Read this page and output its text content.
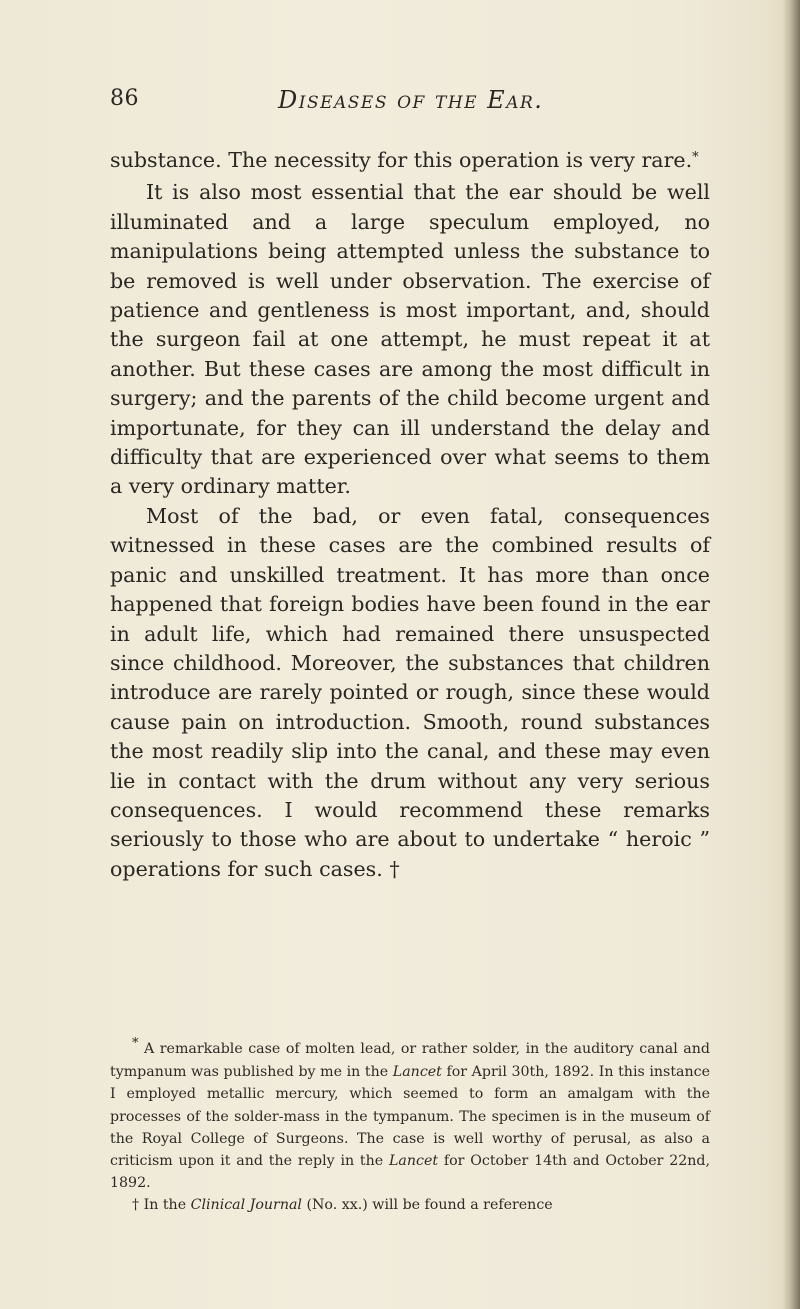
86	Diseases of the Ear.

substance. The necessity for this operation is very rare.*

It is also most essential that the ear should be well illuminated and a large speculum employed, no manipulations being attempted unless the substance to be removed is well under observation. The exercise of patience and gentleness is most important, and, should the surgeon fail at one attempt, he must repeat it at another. But these cases are among the most difficult in surgery; and the parents of the child become urgent and importunate, for they can ill understand the delay and difficulty that are experienced over what seems to them a very ordinary matter.

Most of the bad, or even fatal, consequences witnessed in these cases are the combined results of panic and unskilled treatment. It has more than once happened that foreign bodies have been found in the ear in adult life, which had remained there unsuspected since childhood. Moreover, the substances that children introduce are rarely pointed or rough, since these would cause pain on introduction. Smooth, round substances the most readily slip into the canal, and these may even lie in contact with the drum without any very serious consequences. I would recommend these remarks seriously to those who are about to undertake “ heroic ” operations for such cases. †

* A remarkable case of molten lead, or rather solder, in the auditory canal and tympanum was published by me in the Lancet for April 30th, 1892. In this instance I employed metallic mercury, which seemed to form an amalgam with the processes of the solder-mass in the tympanum. The specimen is in the museum of the Royal College of Surgeons. The case is well worthy of perusal, as also a criticism upon it and the reply in the Lancet for October 14th and October 22nd, 1892.

† In the Clinical Journal (No. xx.) will be found a reference
